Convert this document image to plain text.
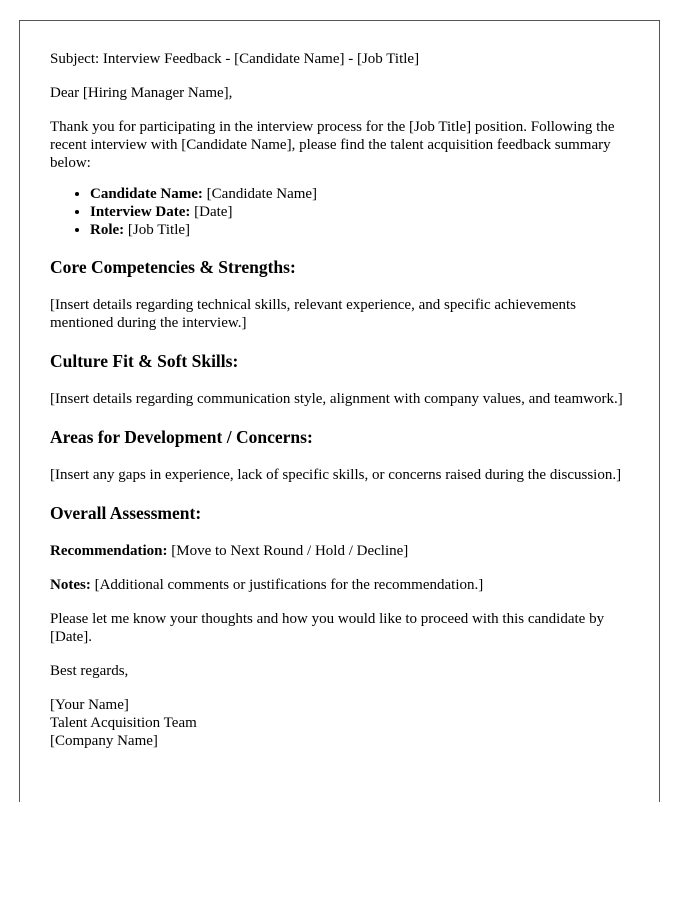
Subject: Interview Feedback - [Candidate Name] - [Job Title]

Dear [Hiring Manager Name],

Thank you for participating in the interview process for the [Job Title] position. Following the recent interview with [Candidate Name], please find the talent acquisition feedback summary below:

• Candidate Name: [Candidate Name]
• Interview Date: [Date]
• Role: [Job Title]
Core Competencies & Strengths:

[Insert details regarding technical skills, relevant experience, and specific achievements mentioned during the interview.]

Culture Fit & Soft Skills:

[Insert details regarding communication style, alignment with company values, and teamwork.]

Areas for Development / Concerns:

[Insert any gaps in experience, lack of specific skills, or concerns raised during the discussion.]

Overall Assessment:

Recommendation: [Move to Next Round / Hold / Decline]

Notes: [Additional comments or justifications for the recommendation.]

Please let me know your thoughts and how you would like to proceed with this candidate by [Date].

Best regards,

[Your Name]
Talent Acquisition Team
[Company Name]
